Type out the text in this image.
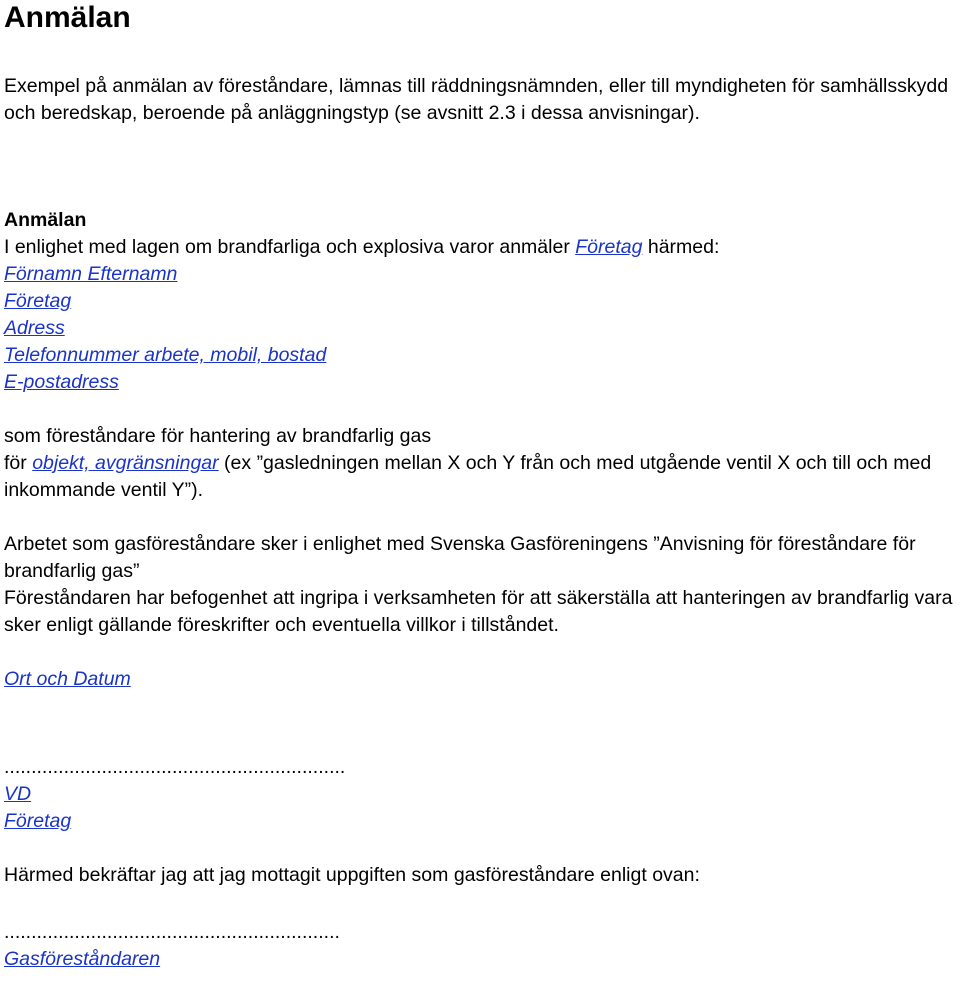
Anmälan
Exempel på anmälan av föreståndare, lämnas till räddningsnämnden, eller till myndigheten för samhällsskydd och beredskap, beroende på anläggningstyp (se avsnitt 2.3 i dessa anvisningar).
Anmälan
I enlighet med lagen om brandfarliga och explosiva varor anmäler Företag härmed:
Förnamn Efternamn
Företag
Adress
Telefonnummer arbete, mobil, bostad
E-postadress
som föreståndare för hantering av brandfarlig gas
för objekt, avgränsningar (ex ”gasledningen mellan X och Y från och med utgående ventil X och till och med inkommande ventil Y”).
Arbetet som gasföreståndare sker i enlighet med Svenska Gasföreningens ”Anvisning för föreståndare för brandfarlig gas”
Föreståndaren har befogenhet att ingripa i verksamheten för att säkerställa att hanteringen av brandfarlig vara sker enligt gällande föreskrifter och eventuella villkor i tillståndet.
Ort och Datum
...............................................................
VD
Företag
Härmed bekräftar jag att jag mottagit uppgiften som gasföreståndare enligt ovan:
..............................................................
Gasföreståndaren
